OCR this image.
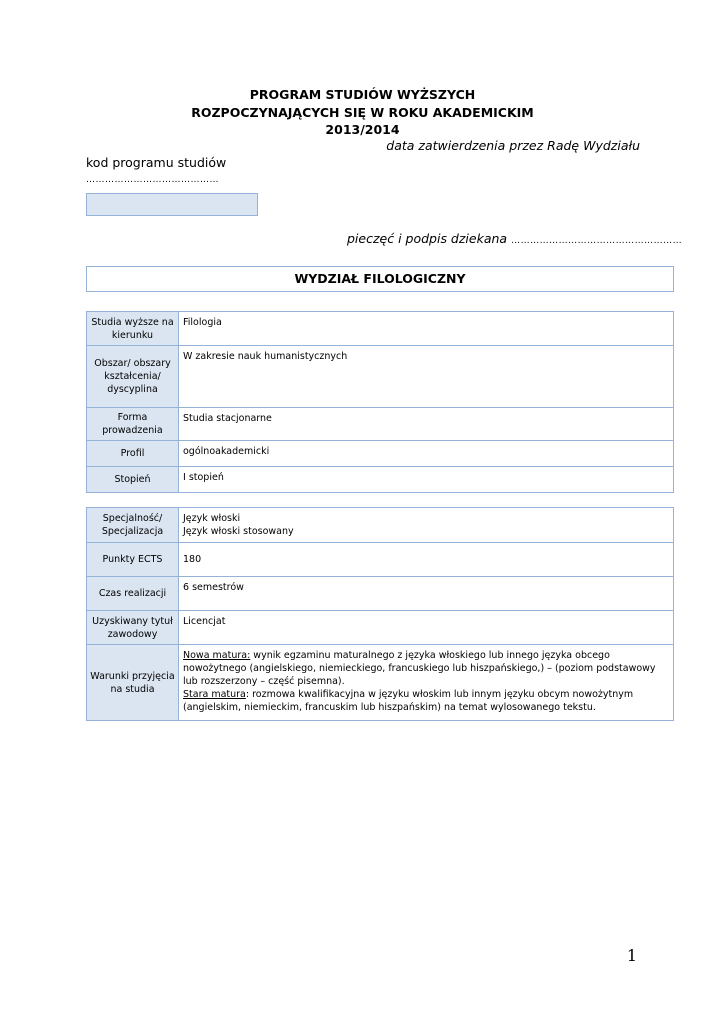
PROGRAM STUDIÓW WYŻSZYCH
ROZPOCZYNAJĄCYCH SIĘ W ROKU AKADEMICKIM
2013/2014
data zatwierdzenia przez Radę Wydziału
kod programu studiów
……………………………………
pieczęć i podpis dziekana ………………………………………………
WYDZIAŁ FILOLOGICZNY
Studia wyższe na kierunku	Filologia
Obszar/ obszary kształcenia/ dyscyplina	W zakresie nauk humanistycznych
Forma prowadzenia	Studia stacjonarne
Profil	ogólnoakademicki
Stopień	I stopień
Specjalność/ Specjalizacja	Język włoski
Język włoski stosowany

Punkty ECTS	180
Czas realizacji	6 semestrów
Uzyskiwany tytuł zawodowy	Licencjat
Warunki przyjęcia na studia	Nowa matura: wynik egzaminu maturalnego z języka włoskiego lub innego języka obcego nowożytnego (angielskiego, niemieckiego, francuskiego lub hiszpańskiego,) – (poziom podstawowy lub rozszerzony – część pisemna).
Stara matura: rozmowa kwalifikacyjna w języku włoskim lub innym języku obcym nowożytnym (angielskim, niemieckim, francuskim lub hiszpańskim) na temat wylosowanego tekstu.
1
